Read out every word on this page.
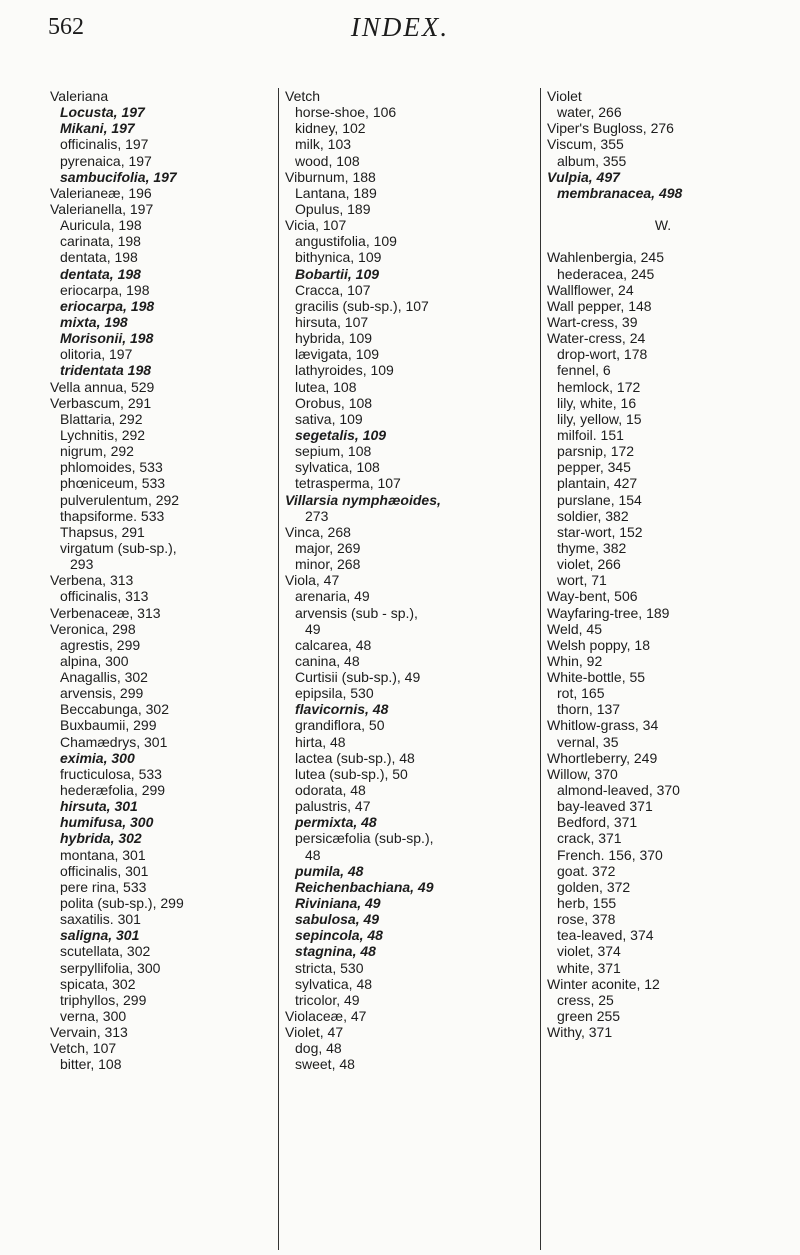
562	INDEX.
Valeriana
Locusta, 197
Mikani, 197
officinalis, 197
pyrenaica, 197
sambucifolia, 197
Valerianeæ, 196
Valerianella, 197
Auricula, 198
carinata, 198
dentata, 198
dentata, 198
eriocarpa, 198
eriocarpa, 198
mixta, 198
Morisonii, 198
olitoria, 197
tridentata 198
Vella annua, 529
Verbascum, 291
Blattaria, 292
Lychnitis, 292
nigrum, 292
phlomoides, 533
phœniceum, 533
pulverulentum, 292
thapsiforme. 533
Thapsus, 291
virgatum (sub-sp.),
293
Verbena, 313
officinalis, 313
Verbenaceæ, 313
Veronica, 298
agrestis, 299
alpina, 300
Anagallis, 302
arvensis, 299
Beccabunga, 302
Buxbaumii, 299
Chamædrys, 301
eximia, 300
fructiculosa, 533
hederæfolia, 299
hirsuta, 301
humifusa, 300
hybrida, 302
montana, 301
officinalis, 301
pere rina, 533
polita (sub-sp.), 299
saxatilis. 301
saligna, 301
scutellata, 302
serpyllifolia, 300
spicata, 302
triphyllos, 299
verna, 300
Vervain, 313
Vetch, 107
bitter, 108
Vetch
horse-shoe, 106
kidney, 102
milk, 103
wood, 108
Viburnum, 188
Lantana, 189
Opulus, 189
Vicia, 107
angustifolia, 109
bithynica, 109
Bobartii, 109
Cracca, 107
gracilis (sub-sp.), 107
hirsuta, 107
hybrida, 109
lævigata, 109
lathyroides, 109
lutea, 108
Orobus, 108
sativa, 109
segetalis, 109
sepium, 108
sylvatica, 108
tetrasperma, 107
Villarsia nymphæoides,
273
Vinca, 268
major, 269
minor, 268
Viola, 47
arenaria, 49
arvensis (sub - sp.),
49
calcarea, 48
canina, 48
Curtisii (sub-sp.), 49
epipsila, 530
flavicornis, 48
grandiflora, 50
hirta, 48
lactea (sub-sp.), 48
lutea (sub-sp.), 50
odorata, 48
palustris, 47
permixta, 48
persicæfolia (sub-sp.),
48
pumila, 48
Reichenbachiana, 49
Riviniana, 49
sabulosa, 49
sepincola, 48
stagnina, 48
stricta, 530
sylvatica, 48
tricolor, 49
Violaceæ, 47
Violet, 47
dog, 48
sweet, 48
Violet
water, 266
Viper's Bugloss, 276
Viscum, 355
album, 355
Vulpia, 497
membranacea, 498
W.
Wahlenbergia, 245
hederacea, 245
Wallflower, 24
Wall pepper, 148
Wart-cress, 39
Water-cress, 24
drop-wort, 178
fennel, 6
hemlock, 172
lily, white, 16
lily, yellow, 15
milfoil. 151
parsnip, 172
pepper, 345
plantain, 427
purslane, 154
soldier, 382
star-wort, 152
thyme, 382
violet, 266
wort, 71
Way-bent, 506
Wayfaring-tree, 189
Weld, 45
Welsh poppy, 18
Whin, 92
White-bottle, 55
rot, 165
thorn, 137
Whitlow-grass, 34
vernal, 35
Whortleberry, 249
Willow, 370
almond-leaved, 370
bay-leaved 371
Bedford, 371
crack, 371
French. 156, 370
goat. 372
golden, 372
herb, 155
rose, 378
tea-leaved, 374
violet, 374
white, 371
Winter aconite, 12
cress, 25
green 255
Withy, 371
